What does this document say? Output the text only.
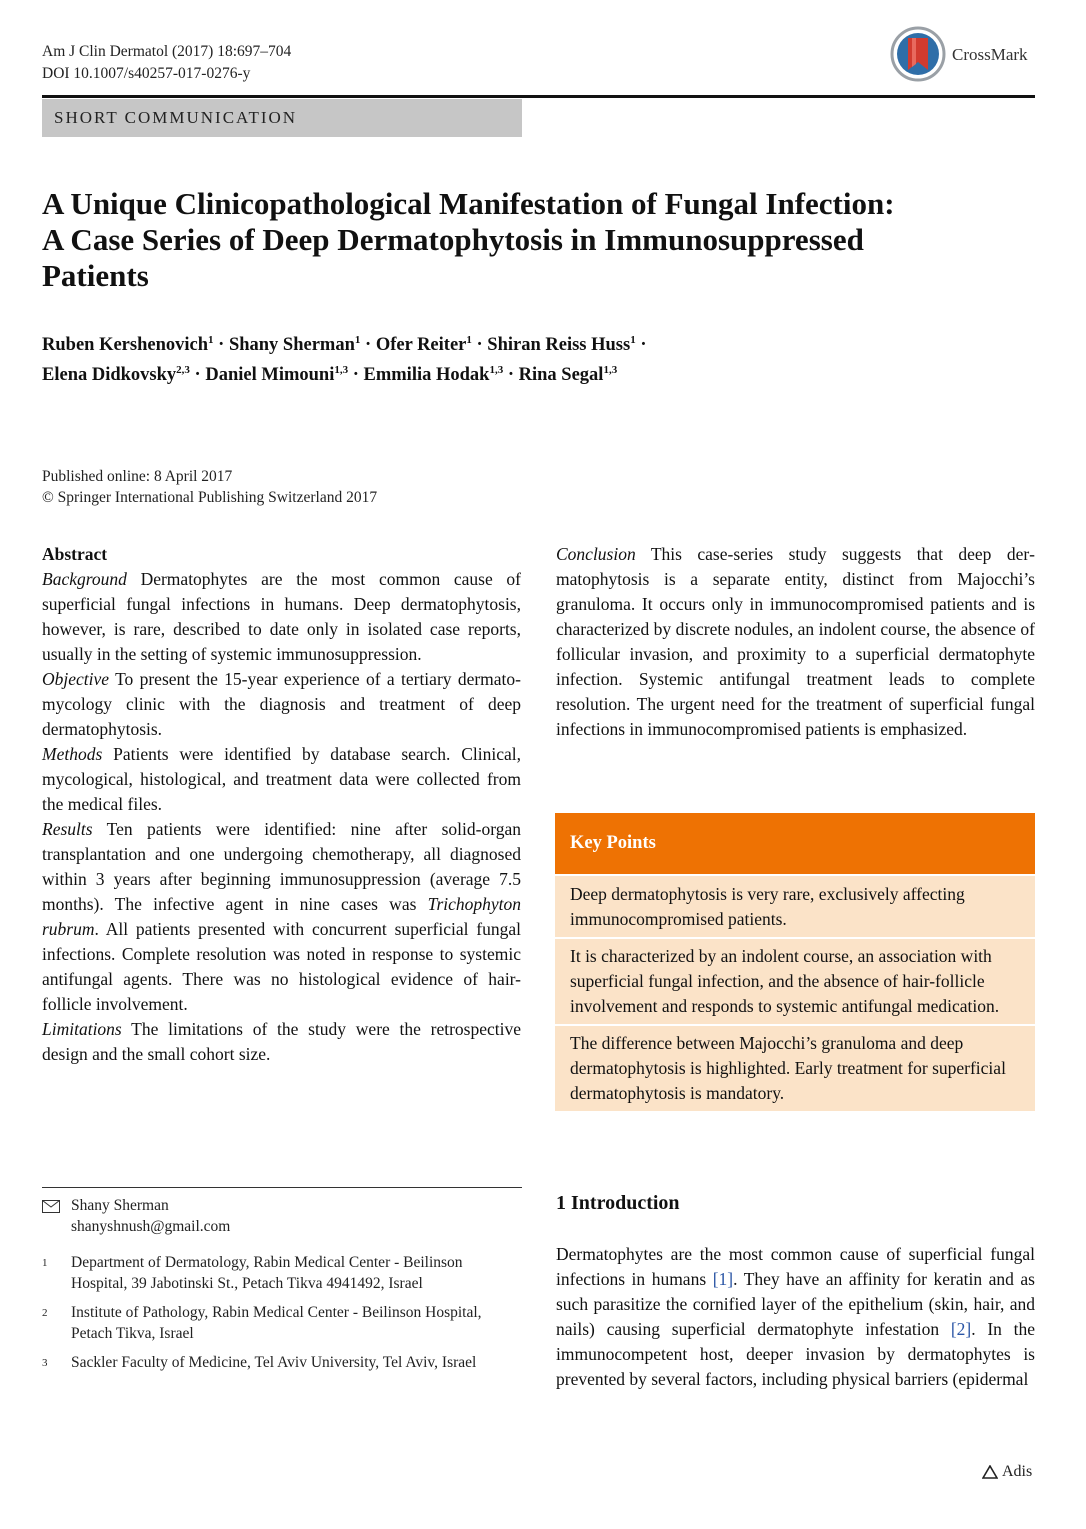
Am J Clin Dermatol (2017) 18:697–704
DOI 10.1007/s40257-017-0276-y
CrossMark
SHORT COMMUNICATION
A Unique Clinicopathological Manifestation of Fungal Infection:
A Case Series of Deep Dermatophytosis in Immunosuppressed
Patients
Ruben Kershenovich$^1$ · Shany Sherman$^1$ · Ofer Reiter$^1$ · Shiran Reiss Huss$^1$ ·
Elena Didkovsky$^{2,3}$ · Daniel Mimouni$^{1,3}$ · Emmilia Hodak$^{1,3}$ · Rina Segal$^{1,3}$
Published online: 8 April 2017
© Springer International Publishing Switzerland 2017

Abstract

Background Dermatophytes are the most common cause of superficial fungal infections in humans. Deep dermatophytosis, however, is rare, described to date only in isolated case reports, usually in the setting of systemic immunosuppression.

Objective To present the 15-year experience of a tertiary dermato-mycology clinic with the diagnosis and treatment of deep dermatophytosis.

Methods Patients were identified by database search. Clinical, mycological, histological, and treatment data were collected from the medical files.

Results Ten patients were identified: nine after solid-organ transplantation and one undergoing chemotherapy, all diagnosed within 3 years after beginning immunosuppression (average 7.5 months). The infective agent in nine cases was Trichophyton rubrum. All patients presented with concurrent superficial fungal infections. Complete resolution was noted in response to systemic antifungal agents. There was no histological evidence of hair-follicle involvement.

Limitations The limitations of the study were the retrospective design and the small cohort size.

Conclusion This case-series study suggests that deep dermatophytosis is a separate entity, distinct from Majocchi’s granuloma. It occurs only in immunocompromised patients and is characterized by discrete nodules, an indolent course, the absence of follicular invasion, and proximity to a superficial dermatophyte infection. Systemic antifungal treatment leads to complete resolution. The urgent need for the treatment of superficial fungal infections in immunocompromised patients is emphasized.

Key Points
Deep dermatophytosis is very rare, exclusively affecting immunocompromised patients.
It is characterized by an indolent course, an association with superficial fungal infection, and the absence of hair-follicle involvement and responds to systemic antifungal medication.
The difference between Majocchi’s granuloma and deep dermatophytosis is highlighted. Early treatment for superficial dermatophytosis is mandatory.
Shany Sherman
shanyshnush@gmail.com
1	Department of Dermatology, Rabin Medical Center - Beilinson Hospital, 39 Jabotinski St., Petach Tikva 4941492, Israel
2	Institute of Pathology, Rabin Medical Center - Beilinson Hospital, Petach Tikva, Israel
3	Sackler Faculty of Medicine, Tel Aviv University, Tel Aviv, Israel
1 Introduction
Dermatophytes are the most common cause of superficial fungal infections in humans [1]. They have an affinity for keratin and as such parasitize the cornified layer of the epithelium (skin, hair, and nails) causing superficial dermatophyte infestation [2]. In the immunocompetent host, deeper invasion by dermatophytes is prevented by several factors, including physical barriers (epidermal
Adis
